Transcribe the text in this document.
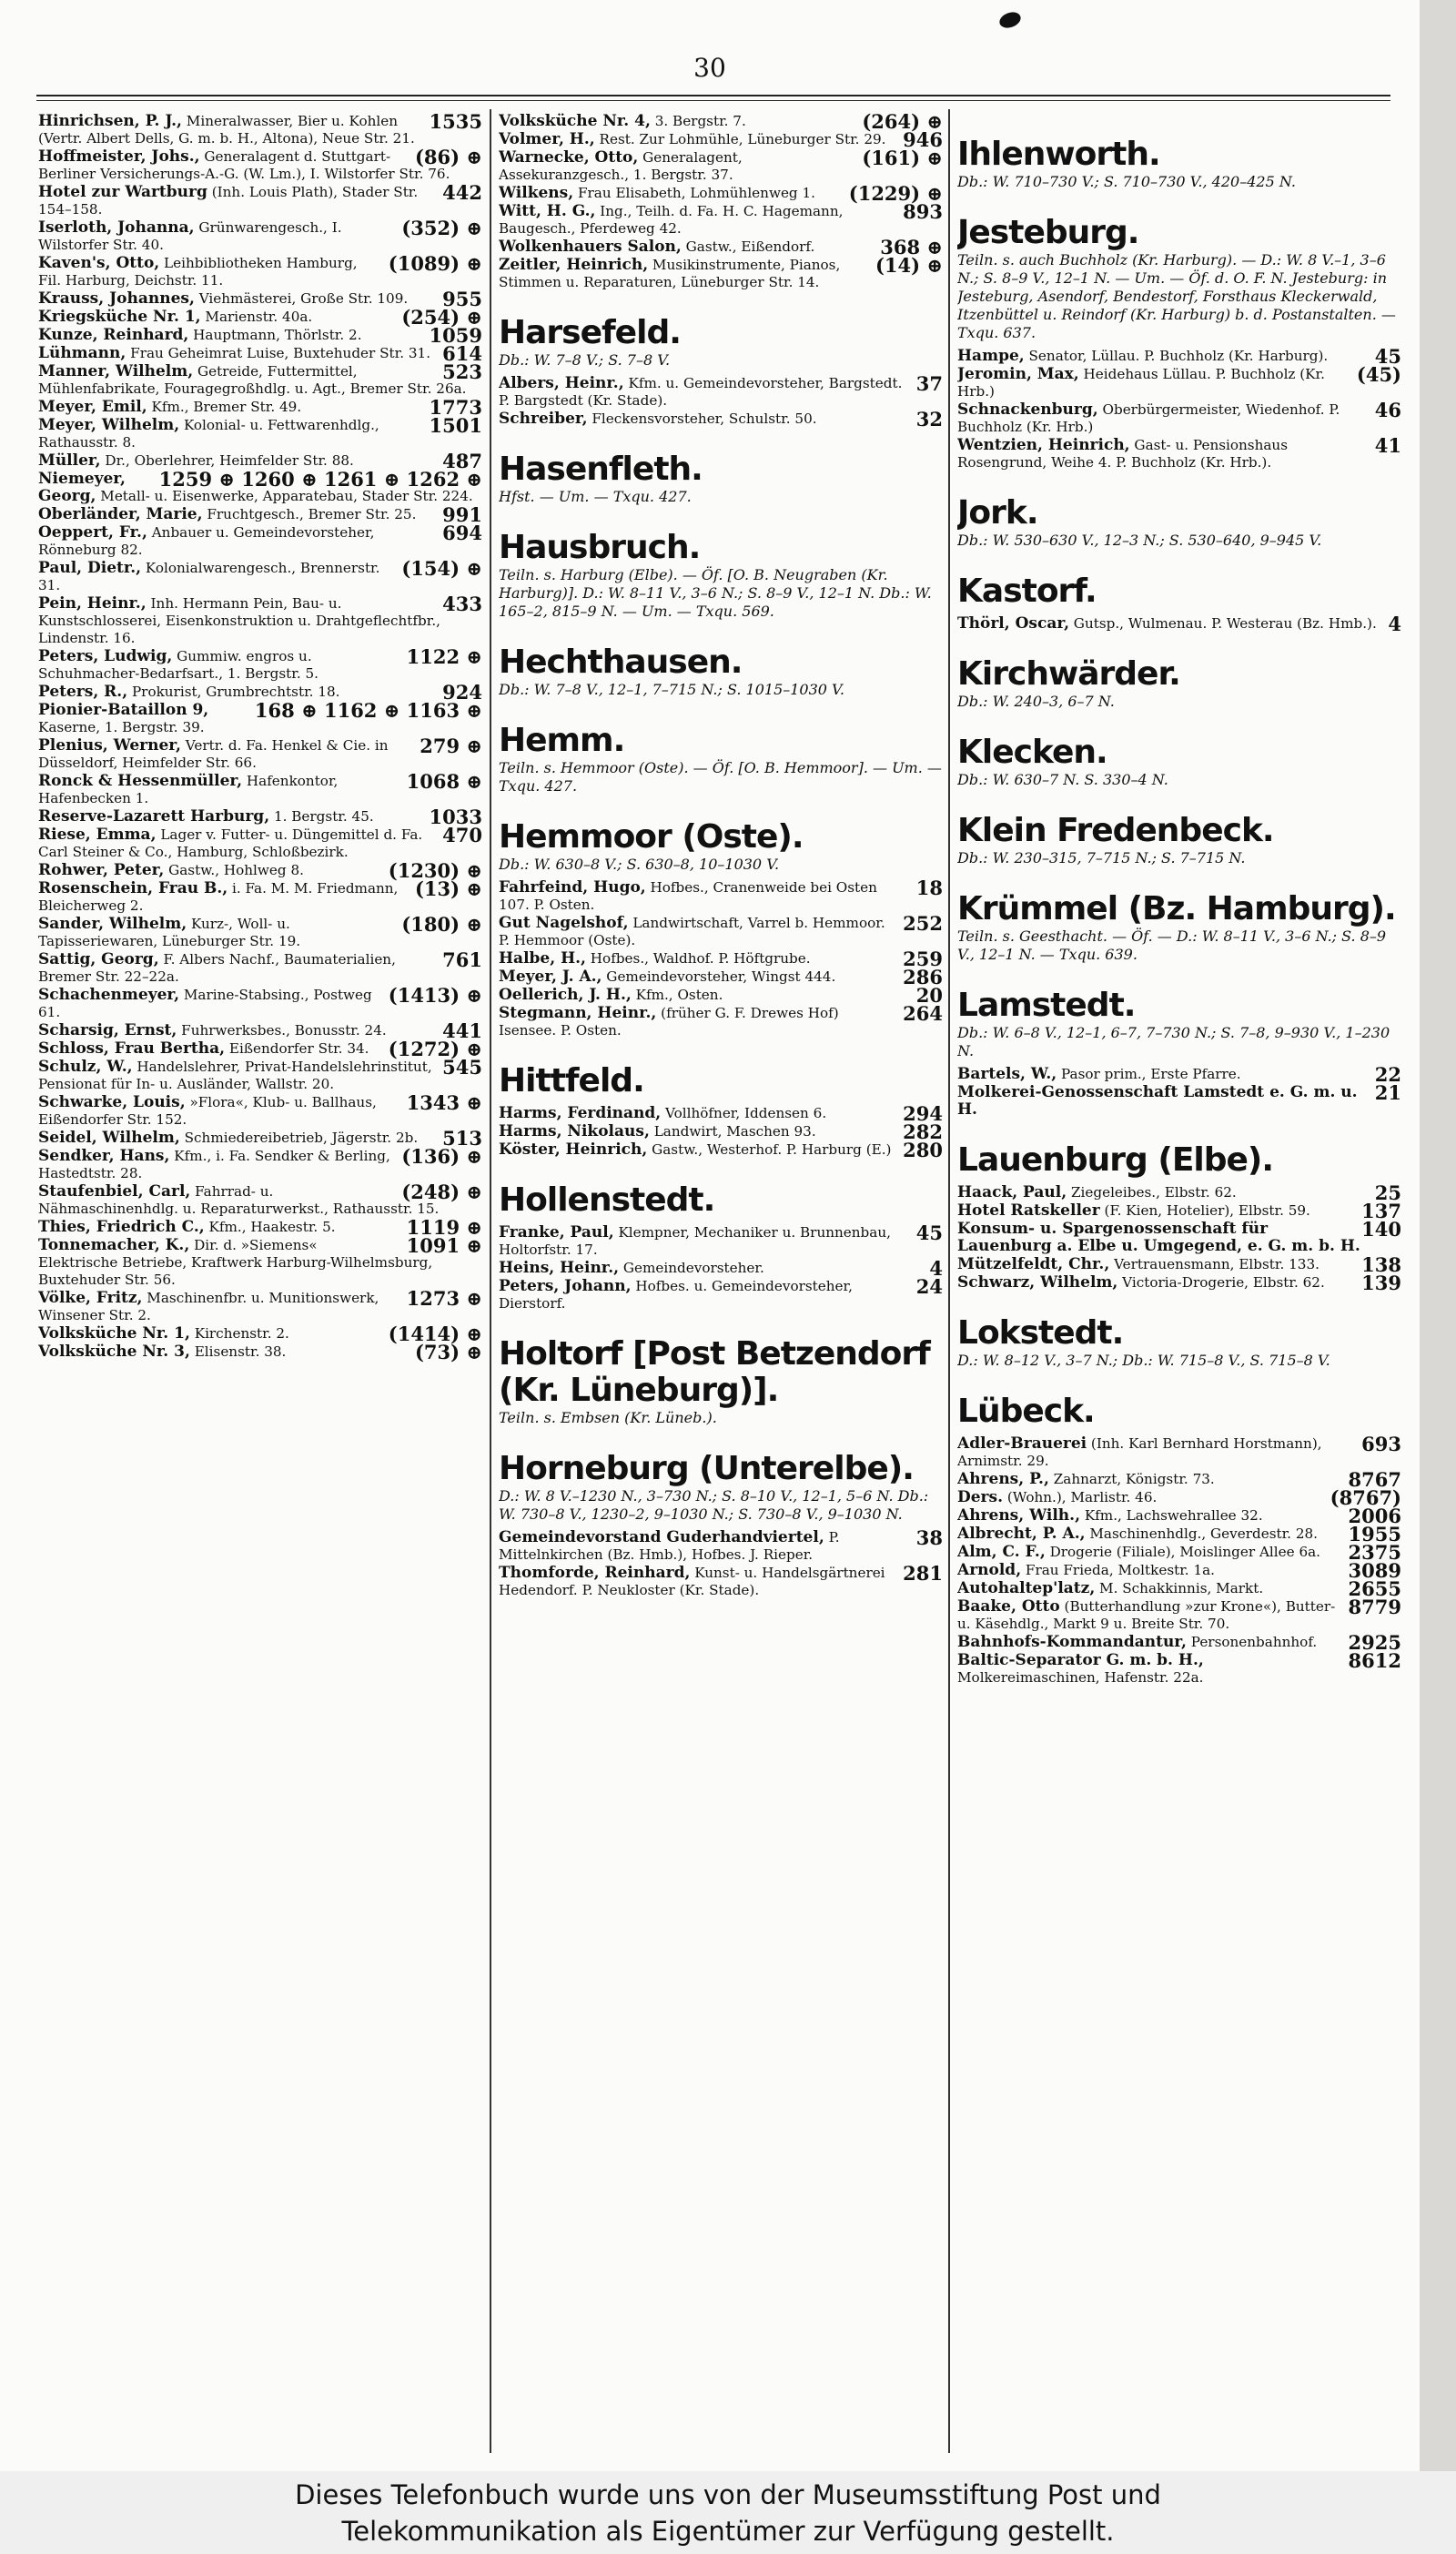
30
1535
Hinrichsen, P. J., Mineralwasser, Bier u. Kohlen (Vertr. Albert Dells, G. m. b. H., Altona), Neue Str. 21.
(86) ⊕
Hoffmeister, Johs., Generalagent d. Stuttgart-Berliner Versicherungs-A.-G. (W. Lm.), I. Wilstorfer Str. 76.
442
Hotel zur Wartburg (Inh. Louis Plath), Stader Str. 154–158.
(352) ⊕
Iserloth, Johanna, Grünwarengesch., I. Wilstorfer Str. 40.
(1089) ⊕
Kaven's, Otto, Leihbibliotheken Hamburg, Fil. Harburg, Deichstr. 11.
955
Krauss, Johannes, Viehmästerei, Große Str. 109.
(254) ⊕
Kriegsküche Nr. 1, Marienstr. 40a.
1059
Kunze, Reinhard, Hauptmann, Thörlstr. 2.
614
Lühmann, Frau Geheimrat Luise, Buxtehuder Str. 31.
523
Manner, Wilhelm, Getreide, Futtermittel, Mühlenfabrikate, Fouragegroßhdlg. u. Agt., Bremer Str. 26a.
1773
Meyer, Emil, Kfm., Bremer Str. 49.
1501
Meyer, Wilhelm, Kolonial- u. Fettwarenhdlg., Rathausstr. 8.
487
Müller, Dr., Oberlehrer, Heimfelder Str. 88.
1259 ⊕ 1260 ⊕ 1261 ⊕ 1262 ⊕
Niemeyer, Georg, Metall- u. Eisenwerke, Apparatebau, Stader Str. 224.
991
Oberländer, Marie, Fruchtgesch., Bremer Str. 25.
694
Oeppert, Fr., Anbauer u. Gemeindevorsteher, Rönneburg 82.
(154) ⊕
Paul, Dietr., Kolonialwarengesch., Brennerstr. 31.
433
Pein, Heinr., Inh. Hermann Pein, Bau- u. Kunstschlosserei, Eisenkonstruktion u. Drahtgeflechtfbr., Lindenstr. 16.
1122 ⊕
Peters, Ludwig, Gummiw. engros u. Schuhmacher-Bedarfsart., 1. Bergstr. 5.
924
Peters, R., Prokurist, Grumbrechtstr. 18.
168 ⊕ 1162 ⊕ 1163 ⊕
Pionier-Bataillon 9, Kaserne, 1. Bergstr. 39.
279 ⊕
Plenius, Werner, Vertr. d. Fa. Henkel & Cie. in Düsseldorf, Heimfelder Str. 66.
1068 ⊕
Ronck & Hessenmüller, Hafenkontor, Hafenbecken 1.
1033
Reserve-Lazarett Harburg, 1. Bergstr. 45.
470
Riese, Emma, Lager v. Futter- u. Düngemittel d. Fa. Carl Steiner & Co., Hamburg, Schloßbezirk.
(1230) ⊕
Rohwer, Peter, Gastw., Hohlweg 8.
(13) ⊕
Rosenschein, Frau B., i. Fa. M. M. Friedmann, Bleicherweg 2.
(180) ⊕
Sander, Wilhelm, Kurz-, Woll- u. Tapisseriewaren, Lüneburger Str. 19.
761
Sattig, Georg, F. Albers Nachf., Baumaterialien, Bremer Str. 22–22a.
(1413) ⊕
Schachenmeyer, Marine-Stabsing., Postweg 61.
441
Scharsig, Ernst, Fuhrwerksbes., Bonusstr. 24.
(1272) ⊕
Schloss, Frau Bertha, Eißendorfer Str. 34.
545
Schulz, W., Handelslehrer, Privat-Handelslehrinstitut, Pensionat für In- u. Ausländer, Wallstr. 20.
1343 ⊕
Schwarke, Louis, »Flora«, Klub- u. Ballhaus, Eißendorfer Str. 152.
513
Seidel, Wilhelm, Schmiedereibetrieb, Jägerstr. 2b.
(136) ⊕
Sendker, Hans, Kfm., i. Fa. Sendker & Berling, Hastedtstr. 28.
(248) ⊕
Staufenbiel, Carl, Fahrrad- u. Nähmaschinenhdlg. u. Reparaturwerkst., Rathausstr. 15.
1119 ⊕
Thies, Friedrich C., Kfm., Haakestr. 5.
1091 ⊕
Tonnemacher, K., Dir. d. »Siemens« Elektrische Betriebe, Kraftwerk Harburg-Wilhelmsburg, Buxtehuder Str. 56.
1273 ⊕
Völke, Fritz, Maschinenfbr. u. Munitionswerk, Winsener Str. 2.
(1414) ⊕
Volksküche Nr. 1, Kirchenstr. 2.
(73) ⊕
Volksküche Nr. 3, Elisenstr. 38.
(264) ⊕
Volksküche Nr. 4, 3. Bergstr. 7.
946
Volmer, H., Rest. Zur Lohmühle, Lüneburger Str. 29.
(161) ⊕
Warnecke, Otto, Generalagent, Assekuranzgesch., 1. Bergstr. 37.
(1229) ⊕
Wilkens, Frau Elisabeth, Lohmühlenweg 1.
893
Witt, H. G., Ing., Teilh. d. Fa. H. C. Hagemann, Baugesch., Pferdeweg 42.
368 ⊕
Wolkenhauers Salon, Gastw., Eißendorf.
(14) ⊕
Zeitler, Heinrich, Musikinstrumente, Pianos, Stimmen u. Reparaturen, Lüneburger Str. 14.
Harsefeld.
Db.: W. 7–8 V.; S. 7–8 V.
37
Albers, Heinr., Kfm. u. Gemeindevorsteher, Bargstedt. P. Bargstedt (Kr. Stade).
32
Schreiber, Fleckensvorsteher, Schulstr. 50.
Hasenfleth.
Hfst. — Um. — Txqu. 427.
Hausbruch.
Teiln. s. Harburg (Elbe). — Öf. [O. B. Neugraben (Kr. Harburg)]. D.: W. 8–11 V., 3–6 N.; S. 8–9 V., 12–1 N. Db.: W. 165–2, 815–9 N. — Um. — Txqu. 569.
Hechthausen.
Db.: W. 7–8 V., 12–1, 7–715 N.; S. 1015–1030 V.
Hemm.
Teiln. s. Hemmoor (Oste). — Öf. [O. B. Hemmoor]. — Um. — Txqu. 427.
Hemmoor (Oste).
Db.: W. 630–8 V.; S. 630–8, 10–1030 V.
18
Fahrfeind, Hugo, Hofbes., Cranenweide bei Osten 107. P. Osten.
252
Gut Nagelshof, Landwirtschaft, Varrel b. Hemmoor. P. Hemmoor (Oste).
259
Halbe, H., Hofbes., Waldhof. P. Höftgrube.
286
Meyer, J. A., Gemeindevorsteher, Wingst 444.
20
Oellerich, J. H., Kfm., Osten.
264
Stegmann, Heinr., (früher G. F. Drewes Hof) Isensee. P. Osten.
Hittfeld.
294
Harms, Ferdinand, Vollhöfner, Iddensen 6.
282
Harms, Nikolaus, Landwirt, Maschen 93.
280
Köster, Heinrich, Gastw., Westerhof. P. Harburg (E.)
Hollenstedt.
45
Franke, Paul, Klempner, Mechaniker u. Brunnenbau, Holtorfstr. 17.
4
Heins, Heinr., Gemeindevorsteher.
24
Peters, Johann, Hofbes. u. Gemeindevorsteher, Dierstorf.
Holtorf [Post Betzendorf (Kr. Lüneburg)].
Teiln. s. Embsen (Kr. Lüneb.).
Horneburg (Unterelbe).
D.: W. 8 V.–1230 N., 3–730 N.; S. 8–10 V., 12–1, 5–6 N. Db.: W. 730–8 V., 1230–2, 9–1030 N.; S. 730–8 V., 9–1030 N.
38
Gemeindevorstand Guderhandviertel, P. Mittelnkirchen (Bz. Hmb.), Hofbes. J. Rieper.
281
Thomforde, Reinhard, Kunst- u. Handelsgärtnerei Hedendorf. P. Neukloster (Kr. Stade).
Ihlenworth.
Db.: W. 710–730 V.; S. 710–730 V., 420–425 N.
Jesteburg.
Teiln. s. auch Buchholz (Kr. Harburg). — D.: W. 8 V.–1, 3–6 N.; S. 8–9 V., 12–1 N. — Um. — Öf. d. O. F. N. Jesteburg: in Jesteburg, Asendorf, Bendestorf, Forsthaus Kleckerwald, Itzenbüttel u. Reindorf (Kr. Harburg) b. d. Postanstalten. — Txqu. 637.
45
Hampe, Senator, Lüllau. P. Buchholz (Kr. Harburg).
(45)
Jeromin, Max, Heidehaus Lüllau. P. Buchholz (Kr. Hrb.)
46
Schnackenburg, Oberbürgermeister, Wiedenhof. P. Buchholz (Kr. Hrb.)
41
Wentzien, Heinrich, Gast- u. Pensionshaus Rosengrund, Weihe 4. P. Buchholz (Kr. Hrb.).
Jork.
Db.: W. 530–630 V., 12–3 N.; S. 530–640, 9–945 V.
Kastorf.
4
Thörl, Oscar, Gutsp., Wulmenau. P. Westerau (Bz. Hmb.).
Kirchwärder.
Db.: W. 240–3, 6–7 N.
Klecken.
Db.: W. 630–7 N. S. 330–4 N.
Klein Fredenbeck.
Db.: W. 230–315, 7–715 N.; S. 7–715 N.
Krümmel (Bz. Hamburg).
Teiln. s. Geesthacht. — Öf. — D.: W. 8–11 V., 3–6 N.; S. 8–9 V., 12–1 N. — Txqu. 639.
Lamstedt.
Db.: W. 6–8 V., 12–1, 6–7, 7–730 N.; S. 7–8, 9–930 V., 1–230 N.
22
Bartels, W., Pasor prim., Erste Pfarre.
21
Molkerei-Genossenschaft Lamstedt e. G. m. u. H.
Lauenburg (Elbe).
25
Haack, Paul, Ziegeleibes., Elbstr. 62.
137
Hotel Ratskeller (F. Kien, Hotelier), Elbstr. 59.
140
Konsum- u. Spargenossenschaft für Lauenburg a. Elbe u. Umgegend, e. G. m. b. H.
138
Mützelfeldt, Chr., Vertrauensmann, Elbstr. 133.
139
Schwarz, Wilhelm, Victoria-Drogerie, Elbstr. 62.
Lokstedt.
D.: W. 8–12 V., 3–7 N.; Db.: W. 715–8 V., S. 715–8 V.
Lübeck.
693
Adler-Brauerei (Inh. Karl Bernhard Horstmann), Arnimstr. 29.
8767
Ahrens, P., Zahnarzt, Königstr. 73.
(8767)
Ders. (Wohn.), Marlistr. 46.
2006
Ahrens, Wilh., Kfm., Lachswehrallee 32.
1955
Albrecht, P. A., Maschinenhdlg., Geverdestr. 28.
2375
Alm, C. F., Drogerie (Filiale), Moislinger Allee 6a.
3089
Arnold, Frau Frieda, Moltkestr. 1a.
2655
Autohaltep'latz, M. Schakkinnis, Markt.
8779
Baake, Otto (Butterhandlung »zur Krone«), Butter- u. Käsehdlg., Markt 9 u. Breite Str. 70.
2925
Bahnhofs-Kommandantur, Personenbahnhof.
8612
Baltic-Separator G. m. b. H., Molkereimaschinen, Hafenstr. 22a.

Dieses Telefonbuch wurde uns von der Museumsstiftung Post und

Telekommunikation als Eigentümer zur Verfügung gestellt.
